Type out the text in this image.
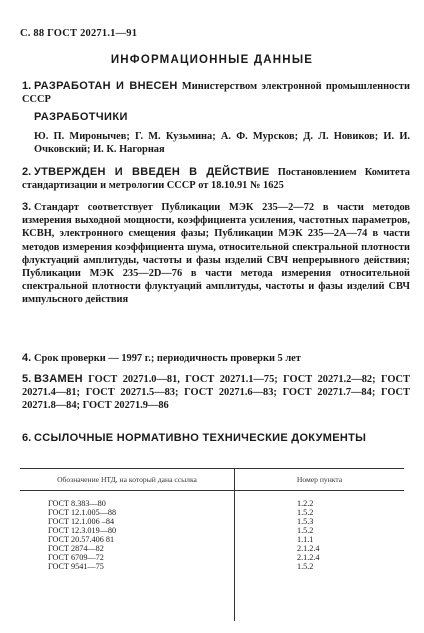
С. 88 ГОСТ 20271.1—91
ИНФОРМАЦИОННЫЕ ДАННЫЕ
1. РАЗРАБОТАН И ВНЕСЕН Министерством электронной промышленности СССР
РАЗРАБОТЧИКИ
Ю. П. Миронычев; Г. М. Кузьмина; А. Ф. Мурсков; Д. Л. Новиков; И. И. Очковский; И. К. Нагорная
2. УТВЕРЖДЕН И ВВЕДЕН В ДЕЙСТВИЕ Постановлением Комитета стандартизации и метрологии СССР от 18.10.91 № 1625
3. Стандарт соответствует Публикации МЭК 235—2—72 в части методов измерения выходной мощности, коэффициента усиления, частотных параметров, КСВН, электронного смещения фазы; Публикации МЭК 235—2А—74 в части методов измерения коэффициента шума, относительной спектральной плотности флуктуаций амплитуды, частоты и фазы изделий СВЧ непрерывного действия; Публикации МЭК 235—2D—76 в части метода измерения относительной спектральной плотности флуктуаций амплитуды, частоты и фазы изделий СВЧ импульсного действия
4. Срок проверки — 1997 г.; периодичность проверки 5 лет
5. ВЗАМЕН ГОСТ 20271.0—81, ГОСТ 20271.1—75; ГОСТ 20271.2—82; ГОСТ 20271.4—81; ГОСТ 20271.5—83; ГОСТ 20271.6—83; ГОСТ 20271.7—84; ГОСТ 20271.8—84; ГОСТ 20271.9—86
6. ССЫЛОЧНЫЕ НОРМАТИВНО ТЕХНИЧЕСКИЕ ДОКУМЕНТЫ
Обозначение НТД, на который дана ссылка	Номер пункта
ГОСТ 8.383—80	1.2.2
ГОСТ 12.1.005—88	1.5.2
ГОСТ 12.1.006 –84	1.5.3
ГОСТ 12.3.019—80	1.5.2
ГОСТ 20.57.406 81	1.1.1
ГОСТ 2874—82	2.1.2.4
ГОСТ 6709—72	2.1.2.4
ГОСТ 9541—75	1.5.2
